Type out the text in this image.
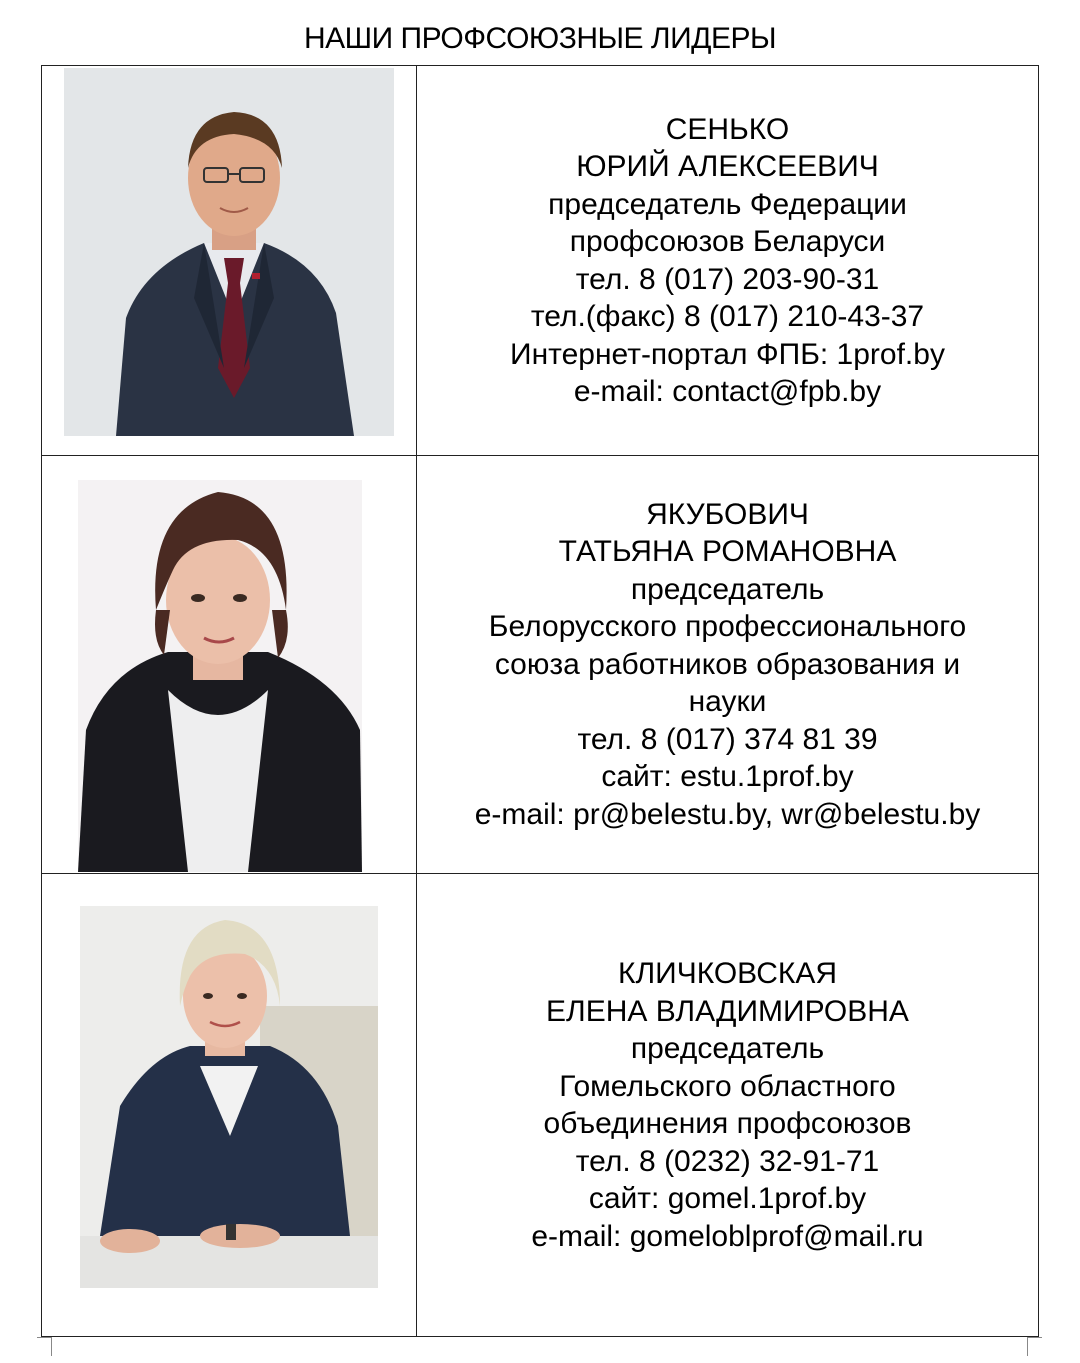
НАШИ ПРОФСОЮЗНЫЕ ЛИДЕРЫ
СЕНЬКО
ЮРИЙ АЛЕКСЕЕВИЧ
председатель Федерации
профсоюзов Беларуси
тел. 8 (017) 203-90-31
тел.(факс) 8 (017) 210-43-37
Интернет-портал ФПБ: 1prof.by
e-mail: contact@fpb.by
ЯКУБОВИЧ
ТАТЬЯНА РОМАНОВНА
председатель
Белорусского профессионального
союза работников образования и
науки
тел. 8 (017) 374 81 39
сайт: estu.1prof.by
e-mail: pr@belestu.by, wr@belestu.by
КЛИЧКОВСКАЯ
ЕЛЕНА ВЛАДИМИРОВНА
председатель
Гомельского областного
объединения профсоюзов
тел. 8 (0232) 32-91-71
сайт: gomel.1prof.by
e-mail: gomeloblprof@mail.ru
